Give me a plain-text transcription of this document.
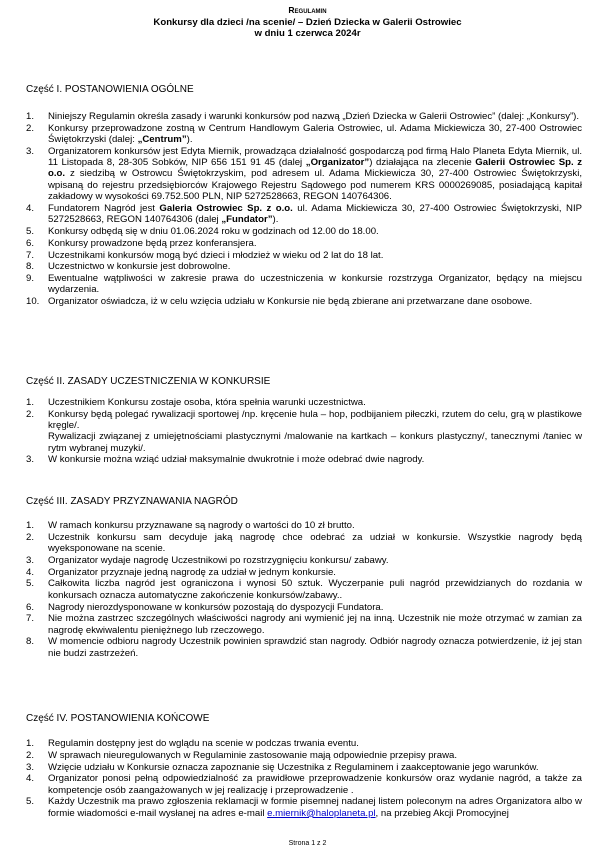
Regulamin
Konkursy dla dzieci /na scenie/ – Dzień Dziecka w Galerii Ostrowiec
w dniu 1 czerwca 2024r
Część I. POSTANOWIENIA OGÓLNE
1. Niniejszy Regulamin określa zasady i warunki konkursów pod nazwą „Dzień Dziecka w Galerii Ostrowiec” (dalej: „Konkursy”).

2. Konkursy przeprowadzone zostną w Centrum Handlowym Galeria Ostrowiec, ul. Adama Mickiewicza 30, 27-400 Ostrowiec Świętokrzyski (dalej: „Centrum”).

3. Organizatorem konkursów jest Edyta Miernik, prowadząca działalność gospodarczą pod firmą Halo Planeta Edyta Miernik, ul. 11 Listopada 8, 28-305 Sobków, NIP 656 151 91 45 (dalej „Organizator”) działająca na zlecenie Galerii Ostrowiec Sp. z o.o. z siedzibą w Ostrowcu Świętokrzyskim, pod adresem ul. Adama Mickiewicza 30, 27-400 Ostrowiec Świętokrzyski, wpisaną do rejestru przedsiębiorców Krajowego Rejestru Sądowego pod numerem KRS 0000269085, posiadającą kapitał zakładowy w wysokości 69.752.500 PLN, NIP 5272528663, REGON 140764306.

4. Fundatorem Nagród jest Galeria Ostrowiec Sp. z o.o. ul. Adama Mickiewicza 30, 27-400 Ostrowiec Świętokrzyski, NIP 5272528663, REGON 140764306 (dalej „Fundator”).

5. Konkursy odbędą się w dniu 01.06.2024 roku w godzinach od 12.00 do 18.00.

6. Konkursy prowadzone będą przez konferansjera.

7. Uczestnikami konkursów mogą być dzieci i młodzież w wieku od 2 lat do 18 lat.

8. Uczestnictwo w konkursie jest dobrowolne.

9. Ewentualne wątpliwości w zakresie prawa do uczestniczenia w konkursie rozstrzyga Organizator, będący na miejscu wydarzenia.

10. Organizator oświadcza, iż w celu wzięcia udziału w Konkursie nie będą zbierane ani przetwarzane dane osobowe.

Część II. ZASADY UCZESTNICZENIA W KONKURSIE
1. Uczestnikiem Konkursu zostaje osoba, która spełnia warunki uczestnictwa.

2. Konkursy będą polegać rywalizacji sportowej /np. kręcenie hula – hop, podbijaniem piłeczki, rzutem do celu, grą w plastikowe kręgle/.

Rywalizacji związanej z umiejętnościami plastycznymi /malowanie na kartkach – konkurs plastyczny/, tanecznymi /taniec w rytm wybranej muzyki/.

3. W konkursie można wziąć udział maksymalnie dwukrotnie i może odebrać dwie nagrody.

Część III. ZASADY PRZYZNAWANIA NAGRÓD
1. W ramach konkursu przyznawane są nagrody o wartości do 10 zł brutto.

2. Uczestnik konkursu sam decyduje jaką nagrodę chce odebrać za udział w konkursie. Wszystkie nagrody będą wyeksponowane na scenie.

3. Organizator wydaje nagrodę Uczestnikowi po rozstrzygnięciu konkursu/ zabawy.

4. Organizator przyznaje jedną nagrodę za udział w jednym konkursie.

5. Całkowita liczba nagród jest ograniczona i wynosi 50 sztuk. Wyczerpanie puli nagród przewidzianych do rozdania w konkursach oznacza automatyczne zakończenie konkursów/zabawy..

6. Nagrody nierozdysponowane w konkursów pozostają do dyspozycji Fundatora.

7. Nie można zastrzec szczególnych właściwości nagrody ani wymienić jej na inną. Uczestnik nie może otrzymać w zamian za nagrodę ekwiwalentu pieniężnego lub rzeczowego.

8. W momencie odbioru nagrody Uczestnik powinien sprawdzić stan nagrody. Odbiór nagrody oznacza potwierdzenie, iż jej stan nie budzi zastrzeżeń.

Część IV. POSTANOWIENIA KOŃCOWE
1. Regulamin dostępny jest do wglądu na scenie w podczas trwania eventu.

2. W sprawach nieuregulowanych w Regulaminie zastosowanie mają odpowiednie przepisy prawa.

3. Wzięcie udziału w Konkursie oznacza zapoznanie się Uczestnika z Regulaminem i zaakceptowanie jego warunków.

4. Organizator ponosi pełną odpowiedzialność za prawidłowe przeprowadzenie konkursów oraz wydanie nagród, a także za kompetencje osób zaangażowanych w jej realizację i przeprowadzenie .

5. Każdy Uczestnik ma prawo zgłoszenia reklamacji w formie pisemnej nadanej listem poleconym na adres Organizatora albo w formie wiadomości e-mail wysłanej na adres e-mail e.miernik@haloplaneta.pl, na przebieg Akcji Promocyjnej

Strona 1 z 2
